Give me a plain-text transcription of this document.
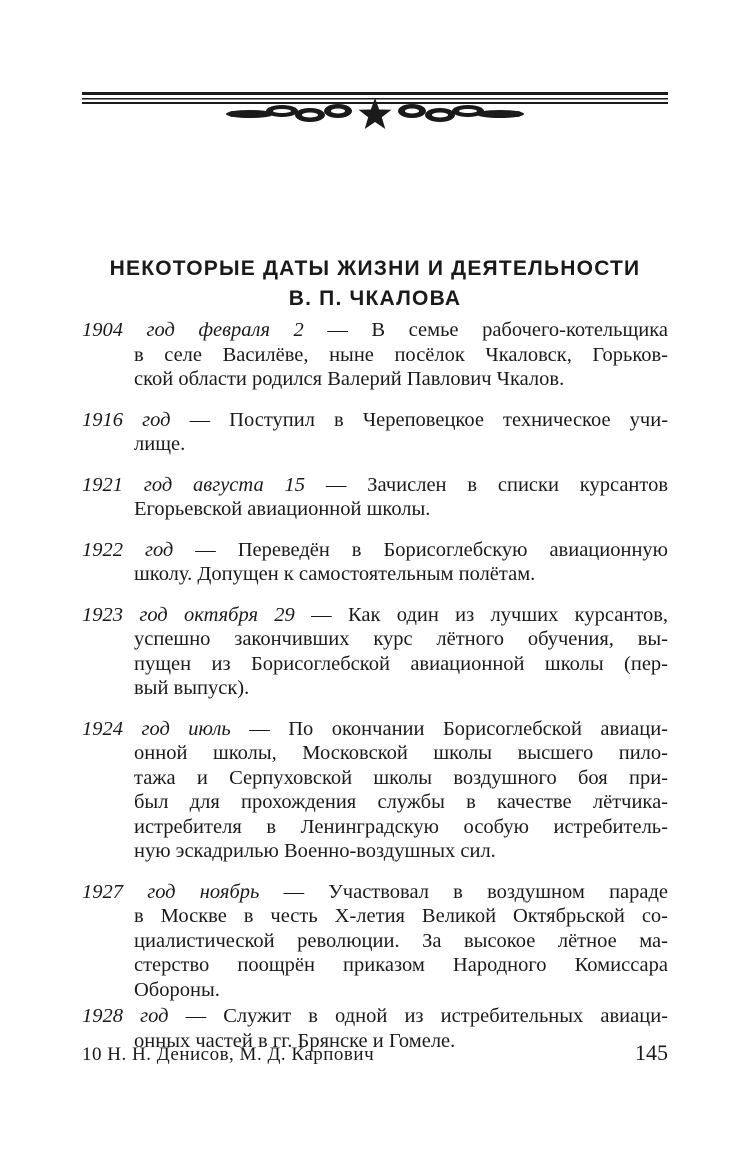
НЕКОТОРЫЕ ДАТЫ ЖИЗНИ И ДЕЯТЕЛЬНОСТИ
В. П. ЧКАЛОВА
1904 год февраля 2 — В семье рабочего-котельщика
в селе Василёве, ныне посёлок Чкаловск, Горьков-
ской области родился Валерий Павлович Чкалов.
1916 год — Поступил в Череповецкое техническое учи-
лище.
1921 год августа 15 — Зачислен в списки курсантов
Егорьевской авиационной школы.
1922 год — Переведён в Борисоглебскую авиационную
школу. Допущен к самостоятельным полётам.
1923 год октября 29 — Как один из лучших курсантов,
успешно закончивших курс лётного обучения, вы-
пущен из Борисоглебской авиационной школы (пер-
вый выпуск).
1924 год июль — По окончании Борисоглебской авиаци-
онной школы, Московской школы высшего пило-
тажа и Серпуховской школы воздушного боя при-
был для прохождения службы в качестве лётчика-
истребителя в Ленинградскую особую истребитель-
ную эскадрилью Военно-воздушных сил.
1927 год ноябрь — Участвовал в воздушном параде
в Москве в честь X-летия Великой Октябрьской со-
циалистической революции. За высокое лётное ма-
стерство поощрён приказом Народного Комиссара
Обороны.
1928 год — Служит в одной из истребительных авиаци-
онных частей в гг. Брянске и Гомеле.
10 Н. Н. Денисов, М. Д. Карпович	145
